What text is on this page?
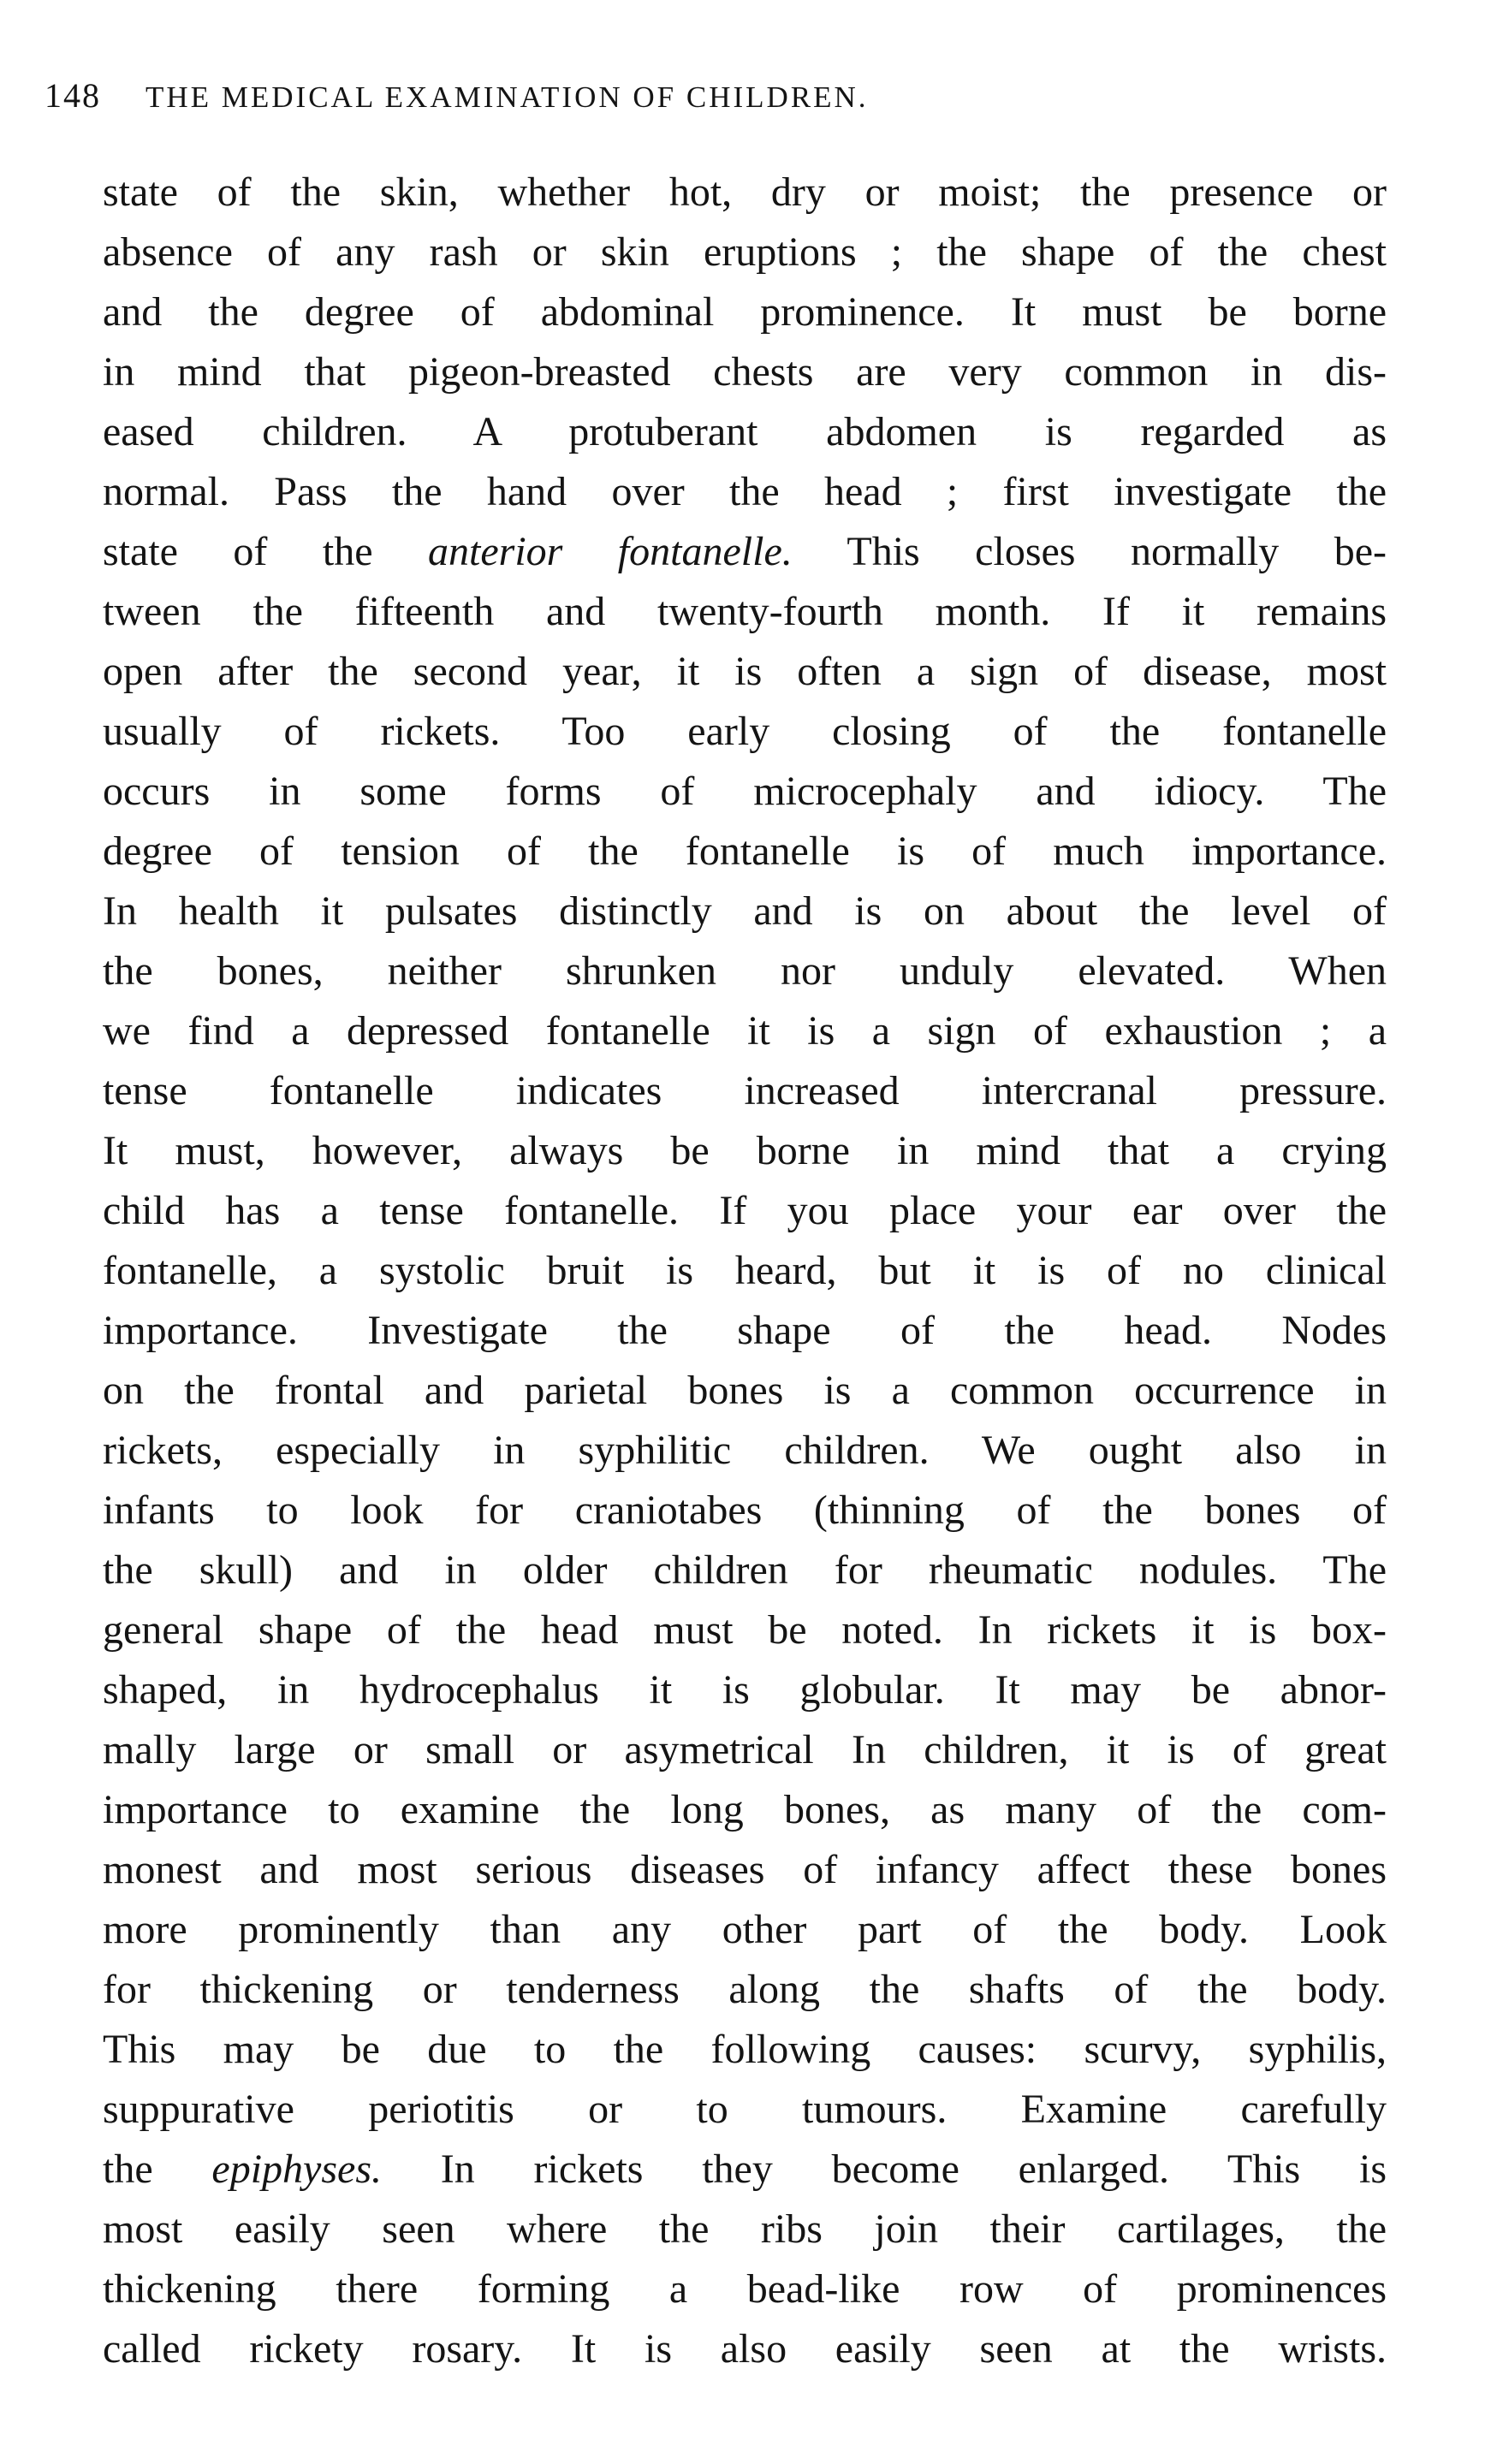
148 THE MEDICAL EXAMINATION OF CHILDREN.
state of the skin, whether hot, dry or moist; the presence or
absence of any rash or skin eruptions ; the shape of the chest
and the degree of abdominal prominence. It must be borne
in mind that pigeon-breasted chests are very common in dis-
eased children. A protuberant abdomen is regarded as
normal. Pass the hand over the head ; first investigate the
state of the anterior fontanelle. This closes normally be-
tween the fifteenth and twenty-fourth month. If it remains
open after the second year, it is often a sign of disease, most
usually of rickets. Too early closing of the fontanelle
occurs in some forms of microcephaly and idiocy. The
degree of tension of the fontanelle is of much importance.
In health it pulsates distinctly and is on about the level of
the bones, neither shrunken nor unduly elevated. When
we find a depressed fontanelle it is a sign of exhaustion ; a
tense fontanelle indicates increased intercranal pressure.
It must, however, always be borne in mind that a crying
child has a tense fontanelle. If you place your ear over the
fontanelle, a systolic bruit is heard, but it is of no clinical
importance. Investigate the shape of the head. Nodes
on the frontal and parietal bones is a common occurrence in
rickets, especially in syphilitic children. We ought also in
infants to look for craniotabes (thinning of the bones of
the skull) and in older children for rheumatic nodules. The
general shape of the head must be noted. In rickets it is box-
shaped, in hydrocephalus it is globular. It may be abnor-
mally large or small or asymetrical In children, it is of great
importance to examine the long bones, as many of the com-
monest and most serious diseases of infancy affect these bones
more prominently than any other part of the body. Look
for thickening or tenderness along the shafts of the body.
This may be due to the following causes: scurvy, syphilis,
suppurative periotitis or to tumours. Examine carefully
the epiphyses. In rickets they become enlarged. This is
most easily seen where the ribs join their cartilages, the
thickening there forming a bead-like row of prominences
called rickety rosary. It is also easily seen at the wrists.
